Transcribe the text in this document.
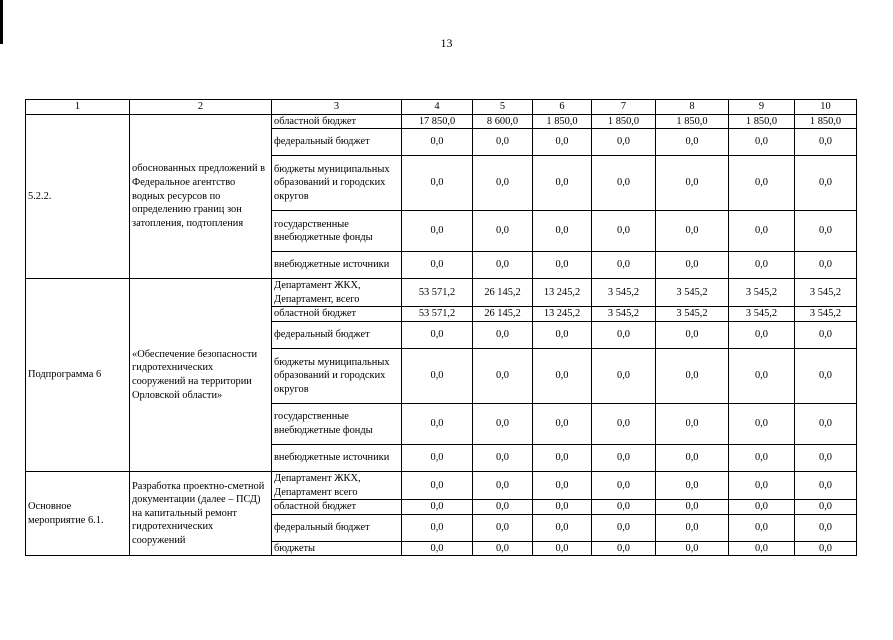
13
1	2	3	4	5	6	7	8	9	10
5.2.2.	обоснованных предложений в Федеральное агентство водных ресурсов по определению границ зон затопления, подтопления	областной бюджет	17 850,0	8 600,0	1 850,0	1 850,0	1 850,0	1 850,0	1 850,0
		федеральный бюджет	0,0	0,0	0,0	0,0	0,0	0,0	0,0
		бюджеты муниципальных образований и городских округов	0,0	0,0	0,0	0,0	0,0	0,0	0,0
		государственные внебюджетные фонды	0,0	0,0	0,0	0,0	0,0	0,0	0,0
		внебюджетные источники	0,0	0,0	0,0	0,0	0,0	0,0	0,0
Подпрограмма 6	«Обеспечение безопасности гидротехнических сооружений на территории Орловской области»	Департамент ЖКХ, Департамент, всего	53 571,2	26 145,2	13 245,2	3 545,2	3 545,2	3 545,2	3 545,2
		областной бюджет	53 571,2	26 145,2	13 245,2	3 545,2	3 545,2	3 545,2	3 545,2
		федеральный бюджет	0,0	0,0	0,0	0,0	0,0	0,0	0,0
		бюджеты муниципальных образований и городских округов	0,0	0,0	0,0	0,0	0,0	0,0	0,0
		государственные внебюджетные фонды	0,0	0,0	0,0	0,0	0,0	0,0	0,0
		внебюджетные источники	0,0	0,0	0,0	0,0	0,0	0,0	0,0
Основное мероприятие 6.1.	Разработка проектно-сметной документации (далее – ПСД) на капитальный ремонт гидротехнических сооружений	Департамент ЖКХ, Департамент всего	0,0	0,0	0,0	0,0	0,0	0,0	0,0
		областной бюджет	0,0	0,0	0,0	0,0	0,0	0,0	0,0
		федеральный бюджет	0,0	0,0	0,0	0,0	0,0	0,0	0,0
		бюджеты	0,0	0,0	0,0	0,0	0,0	0,0	0,0
